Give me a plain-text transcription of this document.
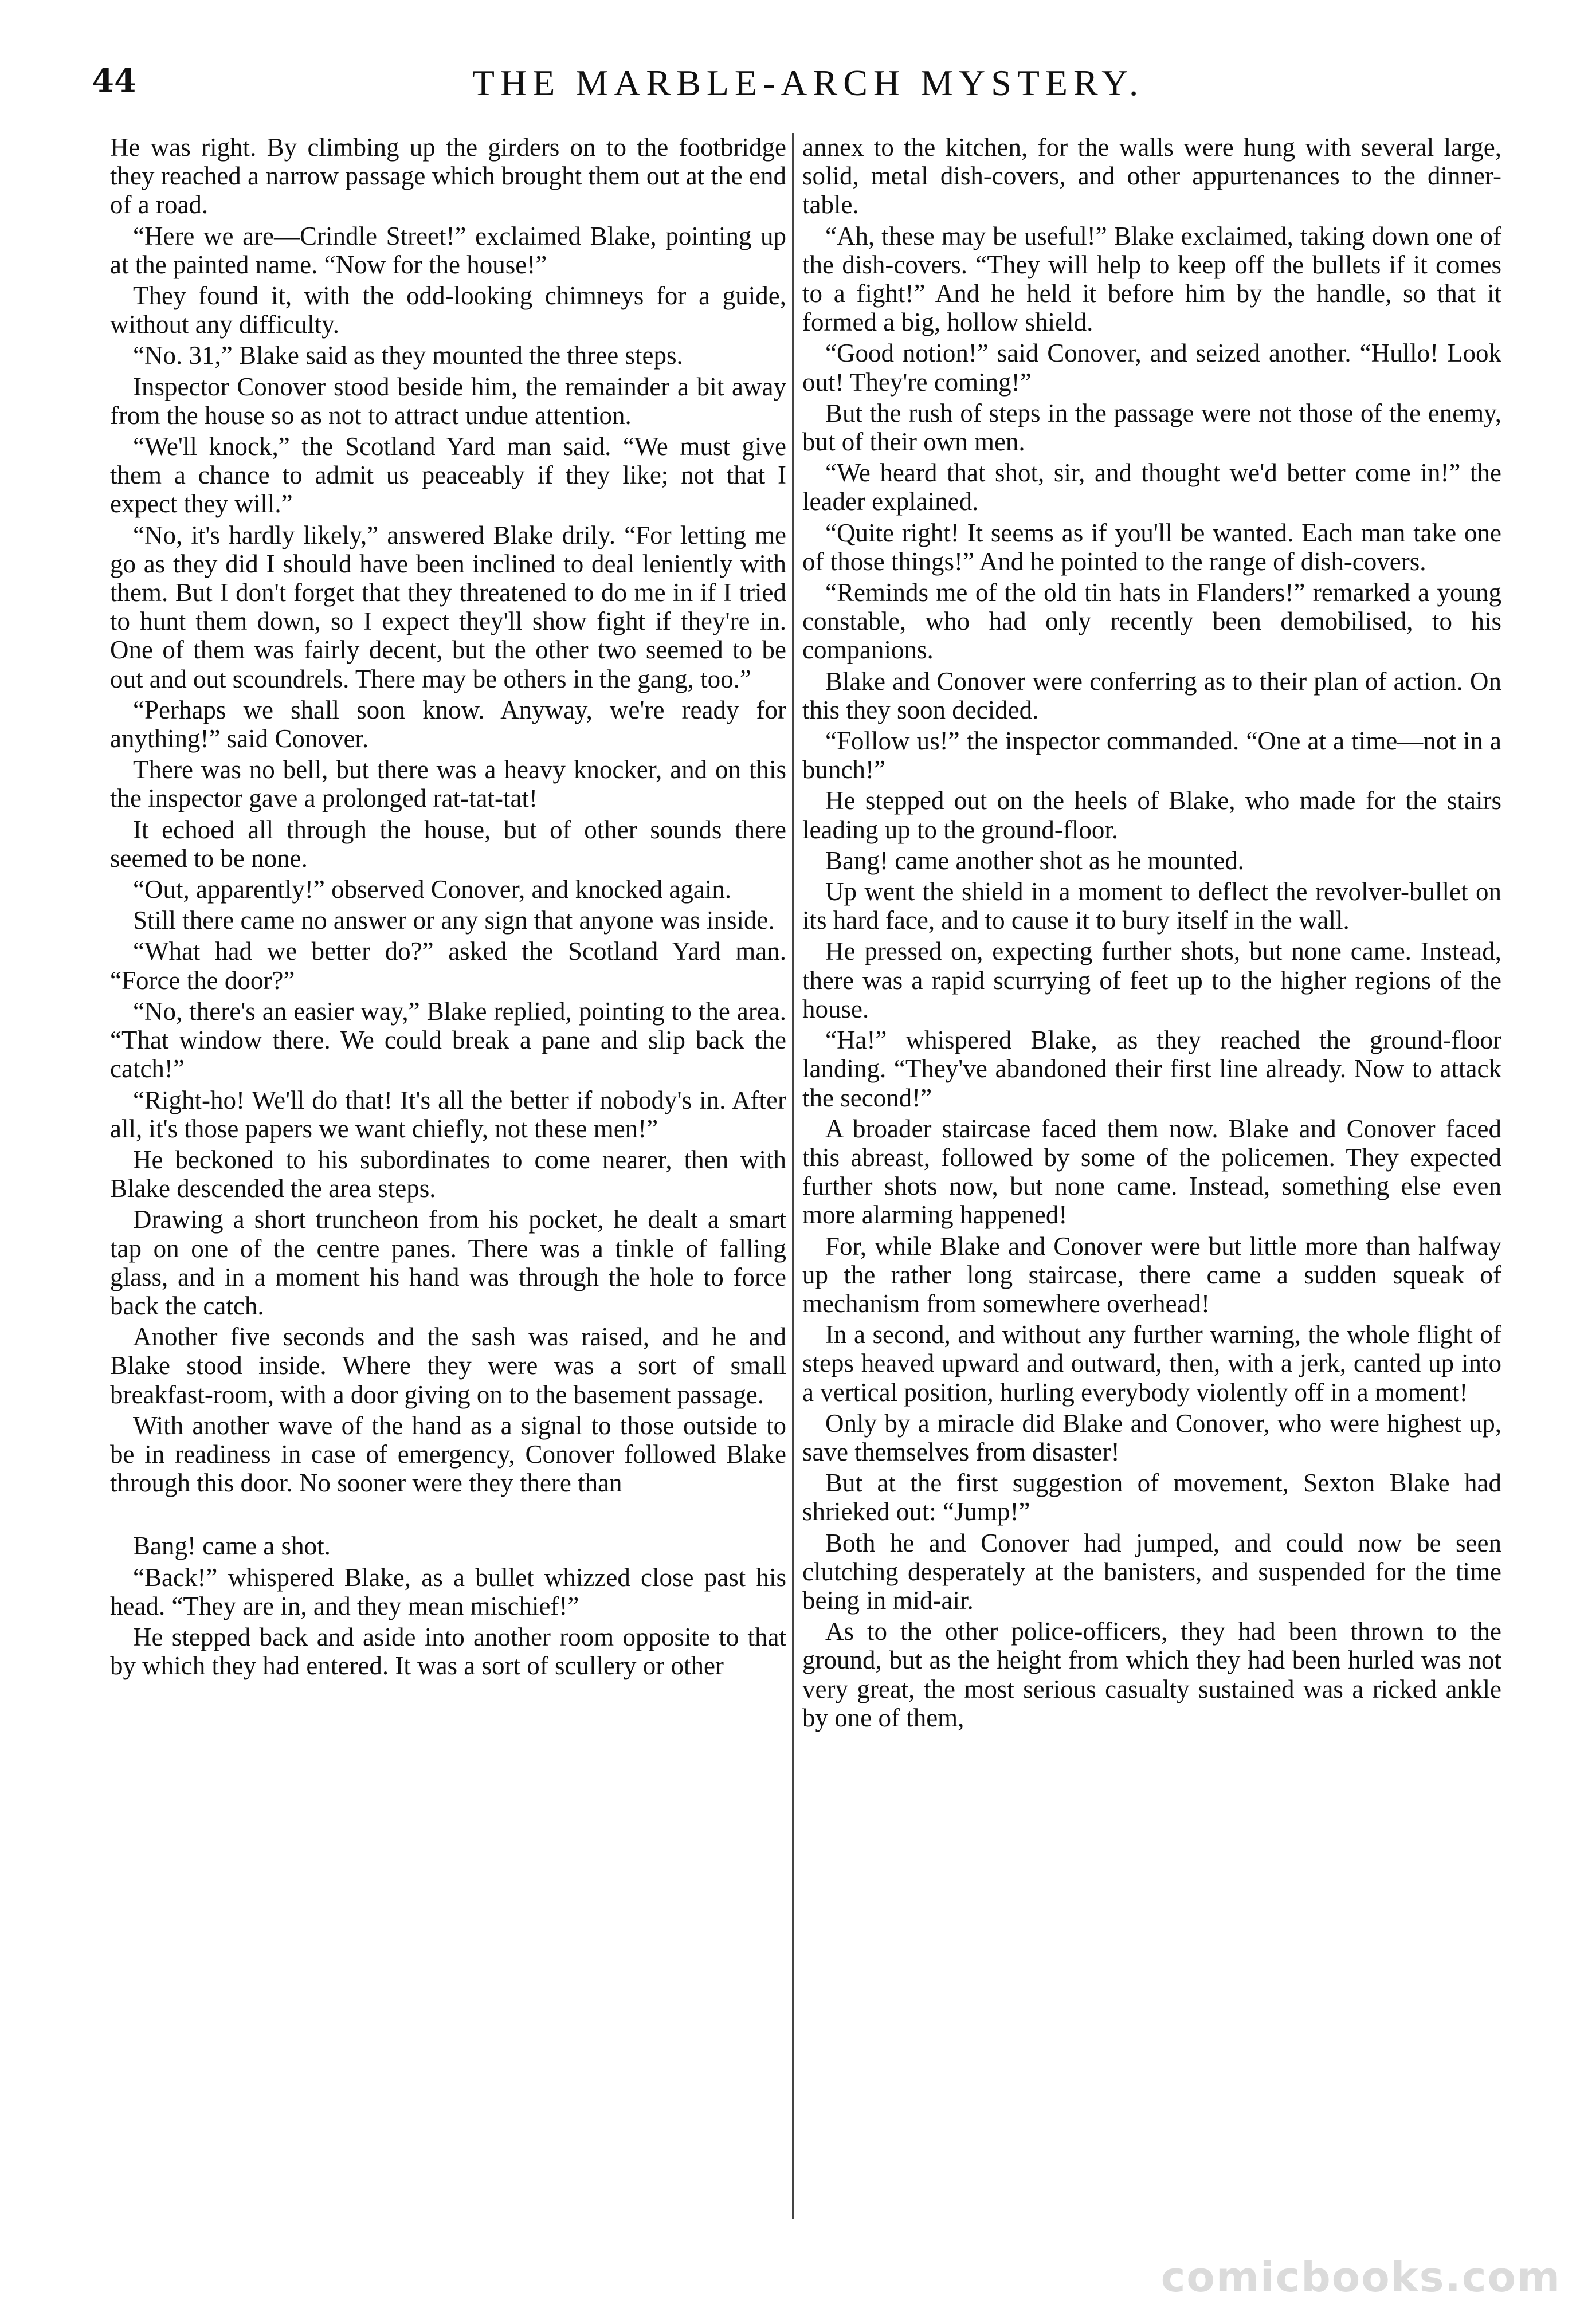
44	THE MARBLE-ARCH MYSTERY.

He was right. By climbing up the girders on to the footbridge they reached a narrow passage which brought them out at the end of a road.

“Here we are—Crindle Street!” exclaimed Blake, pointing up at the painted name. “Now for the house!”

They found it, with the odd-looking chimneys for a guide, without any difficulty.

“No. 31,” Blake said as they mounted the three steps.

Inspector Conover stood beside him, the remainder a bit away from the house so as not to attract undue attention.

“We'll knock,” the Scotland Yard man said. “We must give them a chance to admit us peaceably if they like; not that I expect they will.”

“No, it's hardly likely,” answered Blake drily. “For letting me go as they did I should have been inclined to deal leniently with them. But I don't forget that they threatened to do me in if I tried to hunt them down, so I expect they'll show fight if they're in. One of them was fairly decent, but the other two seemed to be out and out scoundrels. There may be others in the gang, too.”

“Perhaps we shall soon know. Anyway, we're ready for anything!” said Conover.

There was no bell, but there was a heavy knocker, and on this the inspector gave a prolonged rat-tat-tat!

It echoed all through the house, but of other sounds there seemed to be none.

“Out, apparently!” observed Conover, and knocked again.

Still there came no answer or any sign that anyone was inside.

“What had we better do?” asked the Scotland Yard man. “Force the door?”

“No, there's an easier way,” Blake replied, pointing to the area. “That window there. We could break a pane and slip back the catch!”

“Right-ho! We'll do that! It's all the better if nobody's in. After all, it's those papers we want chiefly, not these men!”

He beckoned to his subordinates to come nearer, then with Blake descended the area steps.

Drawing a short truncheon from his pocket, he dealt a smart tap on one of the centre panes. There was a tinkle of falling glass, and in a moment his hand was through the hole to force back the catch.

Another five seconds and the sash was raised, and he and Blake stood inside. Where they were was a sort of small breakfast-room, with a door giving on to the basement passage.

With another wave of the hand as a signal to those outside to be in readiness in case of emergency, Conover followed Blake through this door. No sooner were they there than

Bang! came a shot.

“Back!” whispered Blake, as a bullet whizzed close past his head. “They are in, and they mean mischief!”

He stepped back and aside into another room opposite to that by which they had entered. It was a sort of scullery or other

annex to the kitchen, for the walls were hung with several large, solid, metal dish-covers, and other appurtenances to the dinner-table.

“Ah, these may be useful!” Blake exclaimed, taking down one of the dish-covers. “They will help to keep off the bullets if it comes to a fight!” And he held it before him by the handle, so that it formed a big, hollow shield.

“Good notion!” said Conover, and seized another. “Hullo! Look out! They're coming!”

But the rush of steps in the passage were not those of the enemy, but of their own men.

“We heard that shot, sir, and thought we'd better come in!” the leader explained.

“Quite right! It seems as if you'll be wanted. Each man take one of those things!” And he pointed to the range of dish-covers.

“Reminds me of the old tin hats in Flanders!” remarked a young constable, who had only recently been demobilised, to his companions.

Blake and Conover were conferring as to their plan of action. On this they soon decided.

“Follow us!” the inspector commanded. “One at a time—not in a bunch!”

He stepped out on the heels of Blake, who made for the stairs leading up to the ground-floor.

Bang! came another shot as he mounted.

Up went the shield in a moment to deflect the revolver-bullet on its hard face, and to cause it to bury itself in the wall.

He pressed on, expecting further shots, but none came. Instead, there was a rapid scurrying of feet up to the higher regions of the house.

“Ha!” whispered Blake, as they reached the ground-floor landing. “They've abandoned their first line already. Now to attack the second!”

A broader staircase faced them now. Blake and Conover faced this abreast, followed by some of the policemen. They expected further shots now, but none came. Instead, something else even more alarming happened!

For, while Blake and Conover were but little more than halfway up the rather long staircase, there came a sudden squeak of mechanism from somewhere overhead!

In a second, and without any further warning, the whole flight of steps heaved upward and outward, then, with a jerk, canted up into a vertical position, hurling everybody violently off in a moment!

Only by a miracle did Blake and Conover, who were highest up, save themselves from disaster!

But at the first suggestion of movement, Sexton Blake had shrieked out: “Jump!”

Both he and Conover had jumped, and could now be seen clutching desperately at the banisters, and suspended for the time being in mid-air.

As to the other police-officers, they had been thrown to the ground, but as the height from which they had been hurled was not very great, the most serious casualty sustained was a ricked ankle by one of them,

comicbooks.com
